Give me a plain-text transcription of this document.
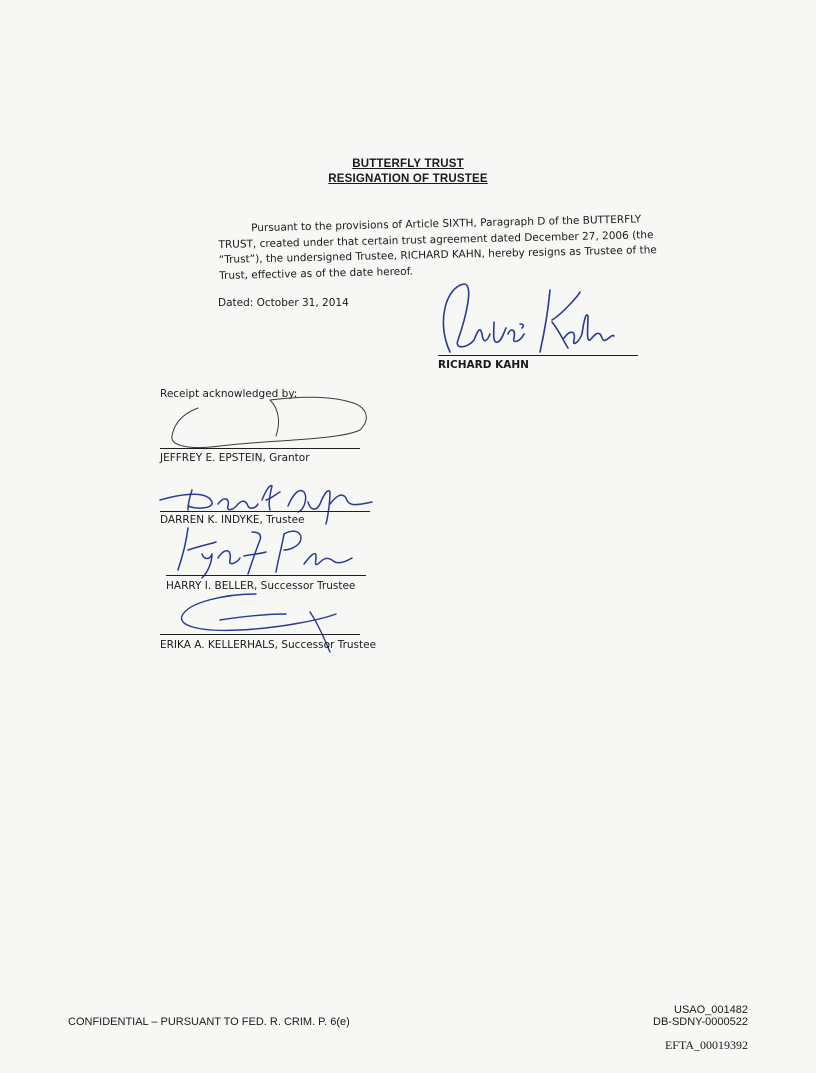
BUTTERFLY TRUST
RESIGNATION OF TRUSTEE

Pursuant to the provisions of Article SIXTH, Paragraph D of the BUTTERFLY

TRUST, created under that certain trust agreement dated December 27, 2006 (the
“Trust”), the undersigned Trustee, RICHARD KAHN, hereby resigns as Trustee of the
Trust, effective as of the date hereof.
Dated: October 31, 2014
RICHARD KAHN
Receipt acknowledged by:
JEFFREY E. EPSTEIN, Grantor
DARREN K. INDYKE, Trustee
HARRY I. BELLER, Successor Trustee
ERIKA A. KELLERHALS, Successor Trustee
CONFIDENTIAL – PURSUANT TO FED. R. CRIM. P. 6(e)
USAO_001482
DB-SDNY-0000522
EFTA_00019392
